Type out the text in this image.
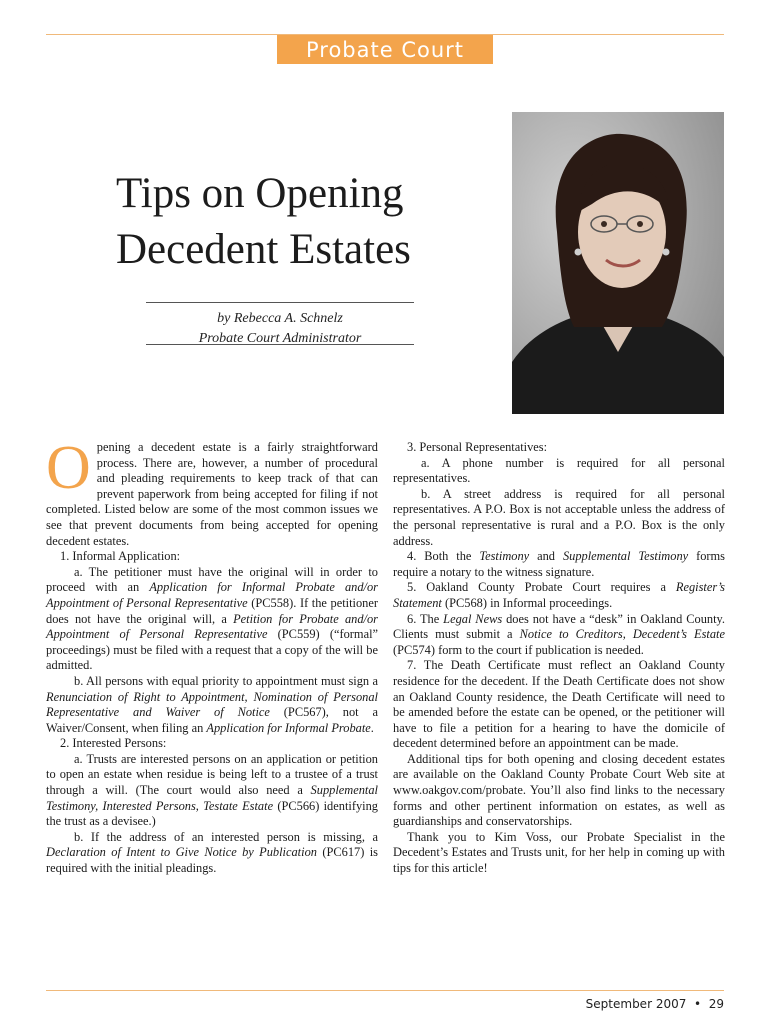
Probate Court
Tips on Opening
Decedent Estates
by Rebecca A. Schnelz
Probate Court Administrator

Opening a decedent estate is a fairly straightforward process. There are, however, a number of procedural and pleading requirements to keep track of that can prevent paperwork from being accepted for filing if not completed. Listed below are some of the most common issues we see that prevent documents from being accepted for opening decedent estates.

1. Informal Application:

a. The petitioner must have the original will in order to proceed with an Application for Informal Probate and/or Appointment of Personal Representative (PC558). If the petitioner does not have the original will, a Petition for Probate and/or Appointment of Personal Representative (PC559) (“formal” proceedings) must be filed with a request that a copy of the will be admitted.

b. All persons with equal priority to appointment must sign a Renunciation of Right to Appointment, Nomination of Personal Representative and Waiver of Notice (PC567), not a Waiver/Consent, when filing an Application for Informal Probate.

2. Interested Persons:

a. Trusts are interested persons on an application or petition to open an estate when residue is being left to a trustee of a trust through a will. (The court would also need a Supplemental Testimony, Interested Persons, Testate Estate (PC566) identifying the trust as a devisee.)

b. If the address of an interested person is missing, a Declaration of Intent to Give Notice by Publication (PC617) is required with the initial pleadings.

3. Personal Representatives:

a. A phone number is required for all personal representatives.

b. A street address is required for all personal representatives. A P.O. Box is not acceptable unless the address of the personal representative is rural and a P.O. Box is the only address.

4. Both the Testimony and Supplemental Testimony forms require a notary to the witness signature.

5. Oakland County Probate Court requires a Register’s Statement (PC568) in Informal proceedings.

6. The Legal News does not have a “desk” in Oakland County. Clients must submit a Notice to Creditors, Decedent’s Estate (PC574) form to the court if publication is needed.

7. The Death Certificate must reflect an Oakland County residence for the decedent. If the Death Certificate does not show an Oakland County residence, the Death Certificate will need to be amended before the estate can be opened, or the petitioner will have to file a petition for a hearing to have the domicile of decedent determined before an appointment can be made.

Additional tips for both opening and closing decedent estates are available on the Oakland County Probate Court Web site at www.oakgov.com/probate. You’ll also find links to the necessary forms and other pertinent information on estates, as well as guardianships and conservatorships.

Thank you to Kim Voss, our Probate Specialist in the Decedent’s Estates and Trusts unit, for her help in coming up with tips for this article!

September 2007 • 29
